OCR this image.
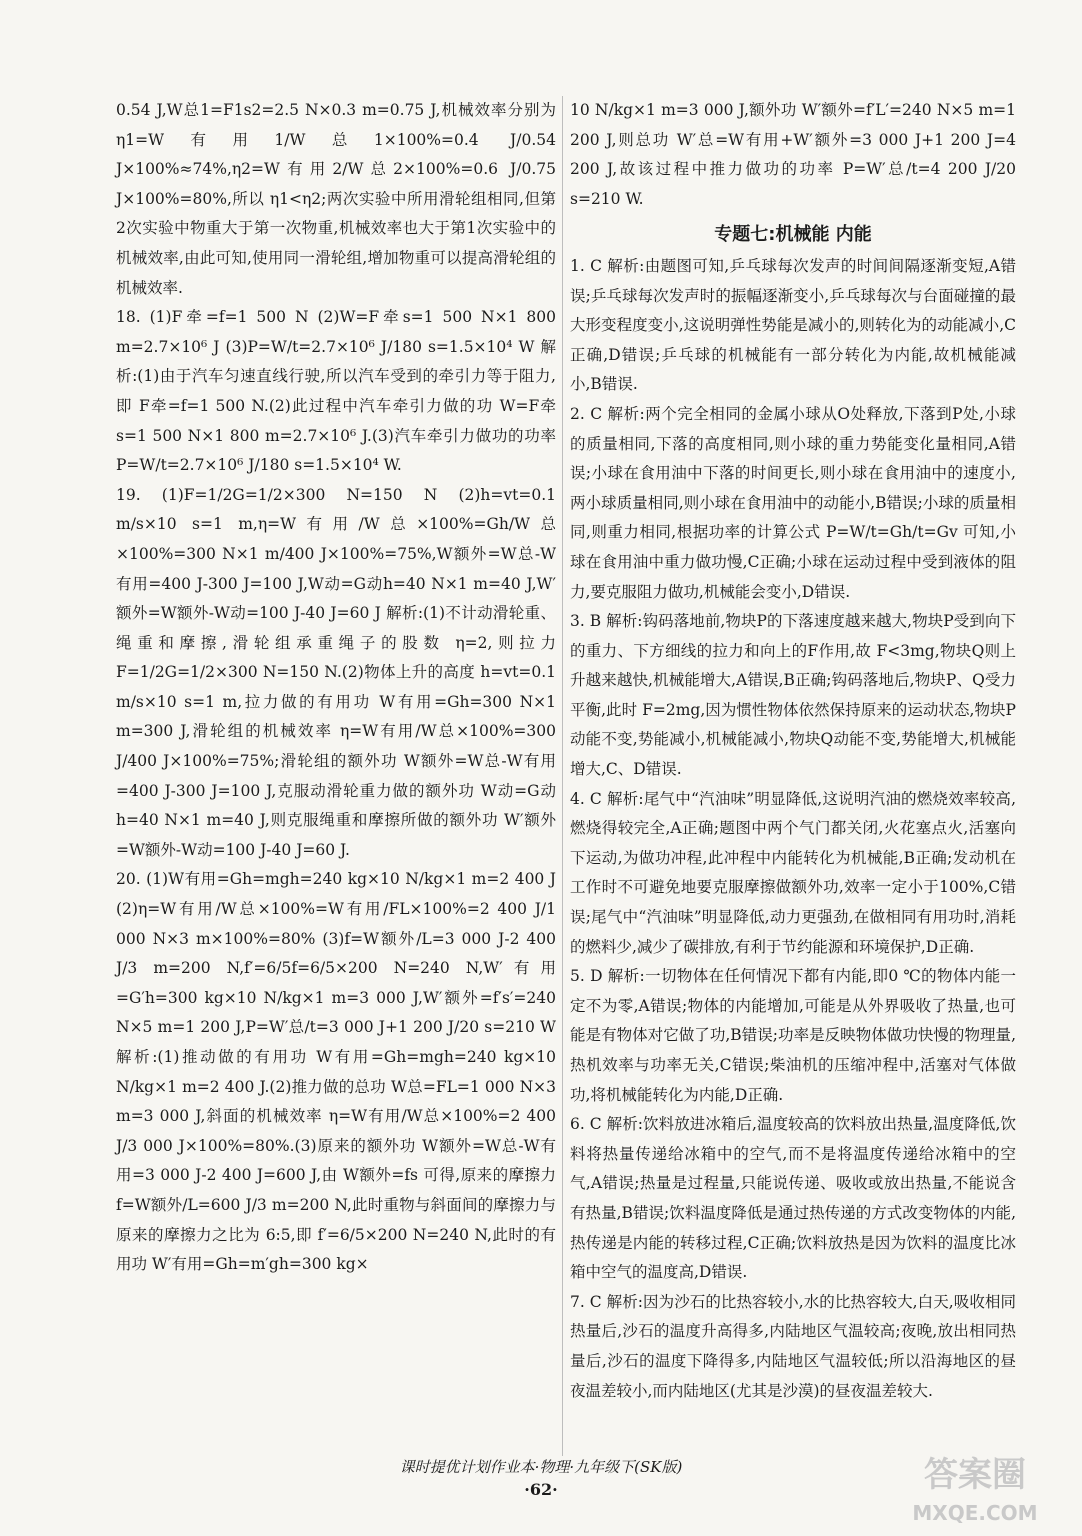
0.54 J,W总1=F1s2=2.5 N×0.3 m=0.75 J,机械效率分别为 η1=W有用1/W总1×100%=0.4 J/0.54 J×100%≈74%,η2=W有用2/W总2×100%=0.6 J/0.75 J×100%=80%,所以 η1<η2;两次实验中所用滑轮组相同,但第2次实验中物重大于第一次物重,机械效率也大于第1次实验中的机械效率,由此可知,使用同一滑轮组,增加物重可以提高滑轮组的机械效率.

18. (1)F牵=f=1 500 N (2)W=F牵s=1 500 N×1 800 m=2.7×10⁶ J (3)P=W/t=2.7×10⁶ J/180 s=1.5×10⁴ W 解析:(1)由于汽车匀速直线行驶,所以汽车受到的牵引力等于阻力,即 F牵=f=1 500 N.(2)此过程中汽车牵引力做的功 W=F牵s=1 500 N×1 800 m=2.7×10⁶ J.(3)汽车牵引力做功的功率 P=W/t=2.7×10⁶ J/180 s=1.5×10⁴ W.

19. (1)F=1/2G=1/2×300 N=150 N (2)h=vt=0.1 m/s×10 s=1 m,η=W有用/W总×100%=Gh/W总×100%=300 N×1 m/400 J×100%=75%,W额外=W总-W有用=400 J-300 J=100 J,W动=G动h=40 N×1 m=40 J,W′额外=W额外-W动=100 J-40 J=60 J 解析:(1)不计动滑轮重、绳重和摩擦,滑轮组承重绳子的股数 η=2,则拉力 F=1/2G=1/2×300 N=150 N.(2)物体上升的高度 h=vt=0.1 m/s×10 s=1 m,拉力做的有用功 W有用=Gh=300 N×1 m=300 J,滑轮组的机械效率 η=W有用/W总×100%=300 J/400 J×100%=75%;滑轮组的额外功 W额外=W总-W有用=400 J-300 J=100 J,克服动滑轮重力做的额外功 W动=G动h=40 N×1 m=40 J,则克服绳重和摩擦所做的额外功 W′额外=W额外-W动=100 J-40 J=60 J.

20. (1)W有用=Gh=mgh=240 kg×10 N/kg×1 m=2 400 J (2)η=W有用/W总×100%=W有用/FL×100%=2 400 J/1 000 N×3 m×100%=80% (3)f=W额外/L=3 000 J-2 400 J/3 m=200 N,f′=6/5f=6/5×200 N=240 N,W′有用=G′h=300 kg×10 N/kg×1 m=3 000 J,W′额外=f′s′=240 N×5 m=1 200 J,P=W′总/t=3 000 J+1 200 J/20 s=210 W 解析:(1)推动做的有用功 W有用=Gh=mgh=240 kg×10 N/kg×1 m=2 400 J.(2)推力做的总功 W总=FL=1 000 N×3 m=3 000 J,斜面的机械效率 η=W有用/W总×100%=2 400 J/3 000 J×100%=80%.(3)原来的额外功 W额外=W总-W有用=3 000 J-2 400 J=600 J,由 W额外=fs 可得,原来的摩擦力 f=W额外/L=600 J/3 m=200 N,此时重物与斜面间的摩擦力与原来的摩擦力之比为 6:5,即 f′=6/5×200 N=240 N,此时的有用功 W′有用=Gh=m′gh=300 kg×

10 N/kg×1 m=3 000 J,额外功 W′额外=f′L′=240 N×5 m=1 200 J,则总功 W′总=W有用+W′额外=3 000 J+1 200 J=4 200 J,故该过程中推力做功的功率 P=W′总/t=4 200 J/20 s=210 W.

专题七:机械能 内能

1. C 解析:由题图可知,乒乓球每次发声的时间间隔逐渐变短,A错误;乒乓球每次发声时的振幅逐渐变小,乒乓球每次与台面碰撞的最大形变程度变小,这说明弹性势能是减小的,则转化为的动能减小,C正确,D错误;乒乓球的机械能有一部分转化为内能,故机械能减小,B错误.

2. C 解析:两个完全相同的金属小球从O处释放,下落到P处,小球的质量相同,下落的高度相同,则小球的重力势能变化量相同,A错误;小球在食用油中下落的时间更长,则小球在食用油中的速度小,两小球质量相同,则小球在食用油中的动能小,B错误;小球的质量相同,则重力相同,根据功率的计算公式 P=W/t=Gh/t=Gv 可知,小球在食用油中重力做功慢,C正确;小球在运动过程中受到液体的阻力,要克服阻力做功,机械能会变小,D错误.

3. B 解析:钩码落地前,物块P的下落速度越来越大,物块P受到向下的重力、下方细线的拉力和向上的F作用,故 F<3mg,物块Q则上升越来越快,机械能增大,A错误,B正确;钩码落地后,物块P、Q受力平衡,此时 F=2mg,因为惯性物体依然保持原来的运动状态,物块P动能不变,势能减小,机械能减小,物块Q动能不变,势能增大,机械能增大,C、D错误.

4. C 解析:尾气中“汽油味”明显降低,这说明汽油的燃烧效率较高,燃烧得较完全,A正确;题图中两个气门都关闭,火花塞点火,活塞向下运动,为做功冲程,此冲程中内能转化为机械能,B正确;发动机在工作时不可避免地要克服摩擦做额外功,效率一定小于100%,C错误;尾气中“汽油味”明显降低,动力更强劲,在做相同有用功时,消耗的燃料少,减少了碳排放,有利于节约能源和环境保护,D正确.

5. D 解析:一切物体在任何情况下都有内能,即0 ℃的物体内能一定不为零,A错误;物体的内能增加,可能是从外界吸收了热量,也可能是有物体对它做了功,B错误;功率是反映物体做功快慢的物理量,热机效率与功率无关,C错误;柴油机的压缩冲程中,活塞对气体做功,将机械能转化为内能,D正确.

6. C 解析:饮料放进冰箱后,温度较高的饮料放出热量,温度降低,饮料将热量传递给冰箱中的空气,而不是将温度传递给冰箱中的空气,A错误;热量是过程量,只能说传递、吸收或放出热量,不能说含有热量,B错误;饮料温度降低是通过热传递的方式改变物体的内能,热传递是内能的转移过程,C正确;饮料放热是因为饮料的温度比冰箱中空气的温度高,D错误.

7. C 解析:因为沙石的比热容较小,水的比热容较大,白天,吸收相同热量后,沙石的温度升高得多,内陆地区气温较高;夜晚,放出相同热量后,沙石的温度下降得多,内陆地区气温较低;所以沿海地区的昼夜温差较小,而内陆地区(尤其是沙漠)的昼夜温差较大.

课时提优计划作业本·物理·九年级下(SK版)
·62·	答案圈
MXQE.COM
